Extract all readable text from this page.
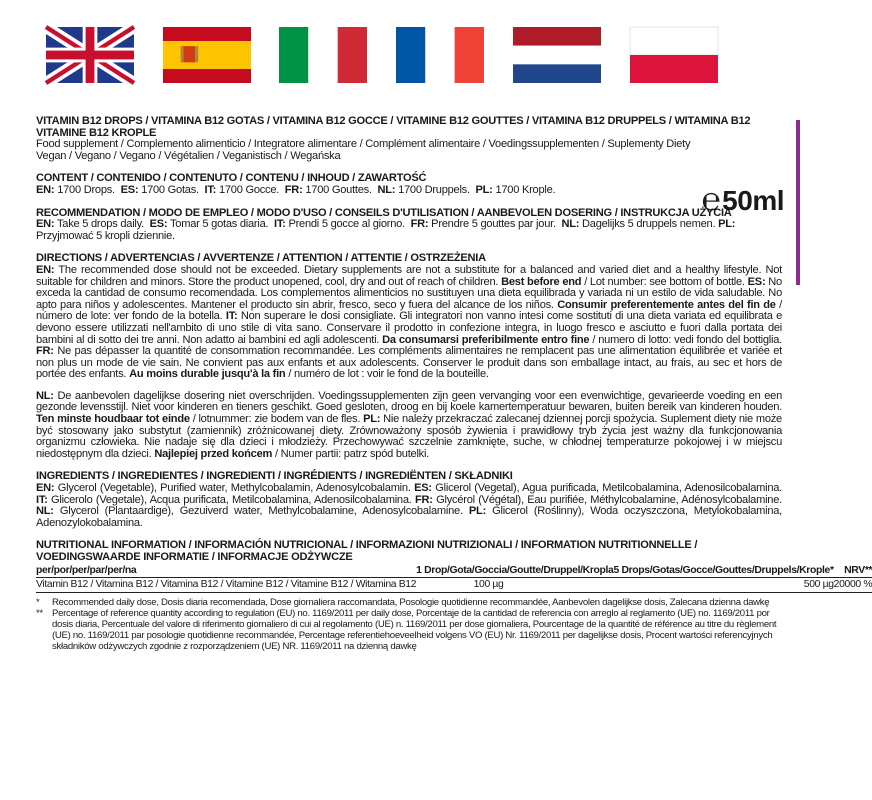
℮50ml

VITAMIN B12 DROPS / VITAMINA B12 GOTAS / VITAMINA B12 GOCCE / VITAMINE B12 GOUTTES / VITAMINA B12 DRUPPELS / WITAMINA B12

VITAMINE B12 KROPLE

Food supplement / Complemento alimenticio / Integratore alimentare / Complément alimentaire / Voedingssupplementen / Suplementy Diety

Vegan / Vegano / Vegano / Végétalien / Veganistisch / Wegańska

CONTENT / CONTENIDO / CONTENUTO / CONTENU / INHOUD / ZAWARTOŚĆ

EN: 1700 Drops. ES: 1700 Gotas. IT: 1700 Gocce. FR: 1700 Gouttes. NL: 1700 Druppels. PL: 1700 Krople.

RECOMMENDATION / MODO DE EMPLEO / MODO D'USO / CONSEILS D'UTILISATION / AANBEVOLEN DOSERING / INSTRUKCJA UŻYCIA

EN: Take 5 drops daily. ES: Tomar 5 gotas diaria. IT: Prendi 5 gocce al giorno. FR: Prendre 5 gouttes par jour. NL: Dagelijks 5 druppels nemen. PL: Przyjmować 5 kropli dziennie.

DIRECTIONS / ADVERTENCIAS / AVVERTENZE / ATTENTION / ATTENTIE / OSTRZEŻENIA

EN: The recommended dose should not be exceeded. Dietary supplements are not a substitute for a balanced and varied diet and a healthy lifestyle. Not suitable for children and minors. Store the product unopened, cool, dry and out of reach of children. Best before end / Lot number: see bottom of bottle. ES: No exceda la cantidad de consumo recomendada. Los complementos alimenticios no sustituyen una dieta equilibrada y variada ni un estilo de vida saludable. No apto para niños y adolescentes. Mantener el producto sin abrir, fresco, seco y fuera del alcance de los niños. Consumir preferentemente antes del fin de / número de lote: ver fondo de la botella. IT: Non superare le dosi consigliate. Gli integratori non vanno intesi come sostituti di una dieta variata ed equilibrata e devono essere utilizzati nell'ambito di uno stile di vita sano. Conservare il prodotto in confezione integra, in luogo fresco e asciutto e fuori dalla portata dei bambini al di sotto dei tre anni. Non adatto ai bambini ed agli adolescenti. Da consumarsi preferibilmente entro fine / numero di lotto: vedi fondo del bottiglia. FR: Ne pas dépasser la quantité de consommation recommandée. Les compléments alimentaires ne remplacent pas une alimentation équilibrée et variée et non plus un mode de vie sain. Ne convient pas aux enfants et aux adolescents. Conserver le produit dans son emballage intact, au frais, au sec et hors de portée des enfants. Au moins durable jusqu'à la fin / numéro de lot : voir le fond de la bouteille.

NL: De aanbevolen dagelijkse dosering niet overschrijden. Voedingssupplementen zijn geen vervanging voor een evenwichtige, gevarieerde voeding en een gezonde levensstijl. Niet voor kinderen en tieners geschikt. Goed gesloten, droog en bij koele kamertemperatuur bewaren, buiten bereik van kinderen houden. Ten minste houdbaar tot einde / lotnummer: zie bodem van de fles. PL: Nie należy przekraczać zalecanej dziennej porcji spożycia. Suplement diety nie może być stosowany jako substytut (zamiennik) zróżnicowanej diety. Zrównoważony sposób żywienia i prawidłowy tryb życia jest ważny dla funkcjonowania organizmu człowieka. Nie nadaje się dla dzieci i młodzieży. Przechowywać szczelnie zamknięte, suche, w chłodnej temperaturze pokojowej i w miejscu niedostępnym dla dzieci. Najlepiej przed końcem / Numer partii: patrz spód butelki.

INGREDIENTS / INGREDIENTES / INGREDIENTI / INGRÉDIENTS / INGREDIËNTEN / SKŁADNIKI

EN: Glycerol (Vegetable), Purified water, Methylcobalamin, Adenosylcobalamin. ES: Glicerol (Vegetal), Agua purificada, Metilcobalamina, Adenosilcobalamina. IT: Glicerolo (Vegetale), Acqua purificata, Metilcobalamina, Adenosilcobalamina. FR: Glycérol (Végétal), Eau purifiée, Méthylcobalamine, Adénosylcobalamine. NL: Glycerol (Plantaardige), Gezuiverd water, Methylcobalamine, Adenosylcobalamine. PL: Glicerol (Roślinny), Woda oczyszczona, Metylokobalamina, Adenozylokobalamina.

NUTRITIONAL INFORMATION / INFORMACIÓN NUTRICIONAL / INFORMAZIONI NUTRIZIONALI / INFORMATION NUTRITIONNELLE /

VOEDINGSWAARDE INFORMATIE / INFORMACJE ODŻYWCZE

per/por/per/par/per/na	1 Drop/Gota/Goccia/Goutte/Druppel/Kropla	5 Drops/Gotas/Gocce/Gouttes/Druppels/Krople*	NRV**
Vitamin B12 / Vitamina B12 / Vitamina B12 / Vitamine B12 / Vitamine B12 / Witamina B12	100 µg	500 µg	20000 %
*	Recommended daily dose, Dosis diaria recomendada, Dose giornaliera raccomandata, Posologie quotidienne recommandée, Aanbevolen dagelijkse dosis, Zalecana dzienna dawkę
** Percentage of reference quantity according to regulation (EU) no. 1169/2011 per daily dose, Porcentaje de la cantidad de referencia con arreglo al reglamento (UE) no. 1169/2011 por dosis diaria, Percentuale del valore di riferimento giornaliero di cui al regolamento (UE) n. 1169/2011 per dose giornaliera, Pourcentage de la quantité de référence au titre du règlement (UE) no. 1169/2011 par posologie quotidienne recommandée, Percentage referentiehoeveelheid volgens VO (EU) Nr. 1169/2011 per dagelijkse dosis, Procent wartości referencyjnych składników odżywczych zgodnie z rozporządzeniem (UE) NR. 1169/2011 na dzienną dawkę
